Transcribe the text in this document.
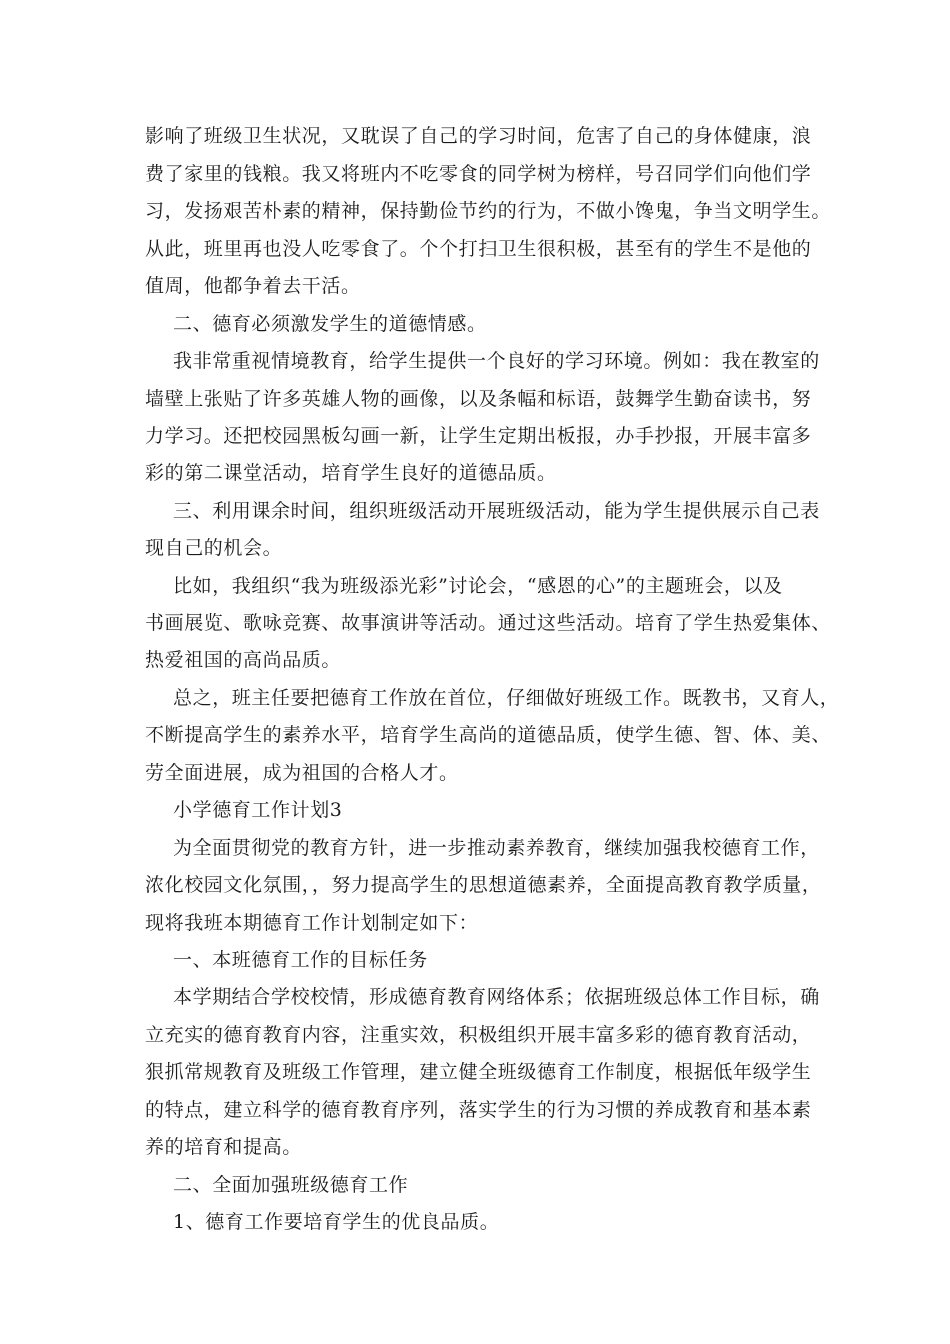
影响了班级卫生状况，又耽误了自己的学习时间，危害了自己的身体健康，浪
费了家里的钱粮。我又将班内不吃零食的同学树为榜样，号召同学们向他们学
习，发扬艰苦朴素的精神，保持勤俭节约的行为，不做小馋鬼，争当文明学生。
从此，班里再也没人吃零食了。个个打扫卫生很积极，甚至有的学生不是他的
值周，他都争着去干活。
二、德育必须激发学生的道德情感。
我非常重视情境教育，给学生提供一个良好的学习环境。例如：我在教室的
墙壁上张贴了许多英雄人物的画像，以及条幅和标语，鼓舞学生勤奋读书，努
力学习。还把校园黑板勾画一新，让学生定期出板报，办手抄报，开展丰富多
彩的第二课堂活动，培育学生良好的道德品质。
三、利用课余时间，组织班级活动开展班级活动，能为学生提供展示自己表
现自己的机会。
比如，我组织“我为班级添光彩”讨论会，“感恩的心”的主题班会，以及
书画展览、歌咏竞赛、故事演讲等活动。通过这些活动。培育了学生热爱集体、
热爱祖国的高尚品质。
总之，班主任要把德育工作放在首位，仔细做好班级工作。既教书，又育人，
不断提高学生的素养水平，培育学生高尚的道德品质，使学生德、智、体、美、
劳全面进展，成为祖国的合格人才。
小学德育工作计划3
为全面贯彻党的教育方针，进一步推动素养教育，继续加强我校德育工作，
浓化校园文化氛围，，努力提高学生的思想道德素养，全面提高教育教学质量，
现将我班本期德育工作计划制定如下：
一、本班德育工作的目标任务
本学期结合学校校情，形成德育教育网络体系；依据班级总体工作目标，确
立充实的德育教育内容，注重实效，积极组织开展丰富多彩的德育教育活动，
狠抓常规教育及班级工作管理，建立健全班级德育工作制度，根据低年级学生
的特点，建立科学的德育教育序列，落实学生的行为习惯的养成教育和基本素
养的培育和提高。
二、全面加强班级德育工作
1、德育工作要培育学生的优良品质。
